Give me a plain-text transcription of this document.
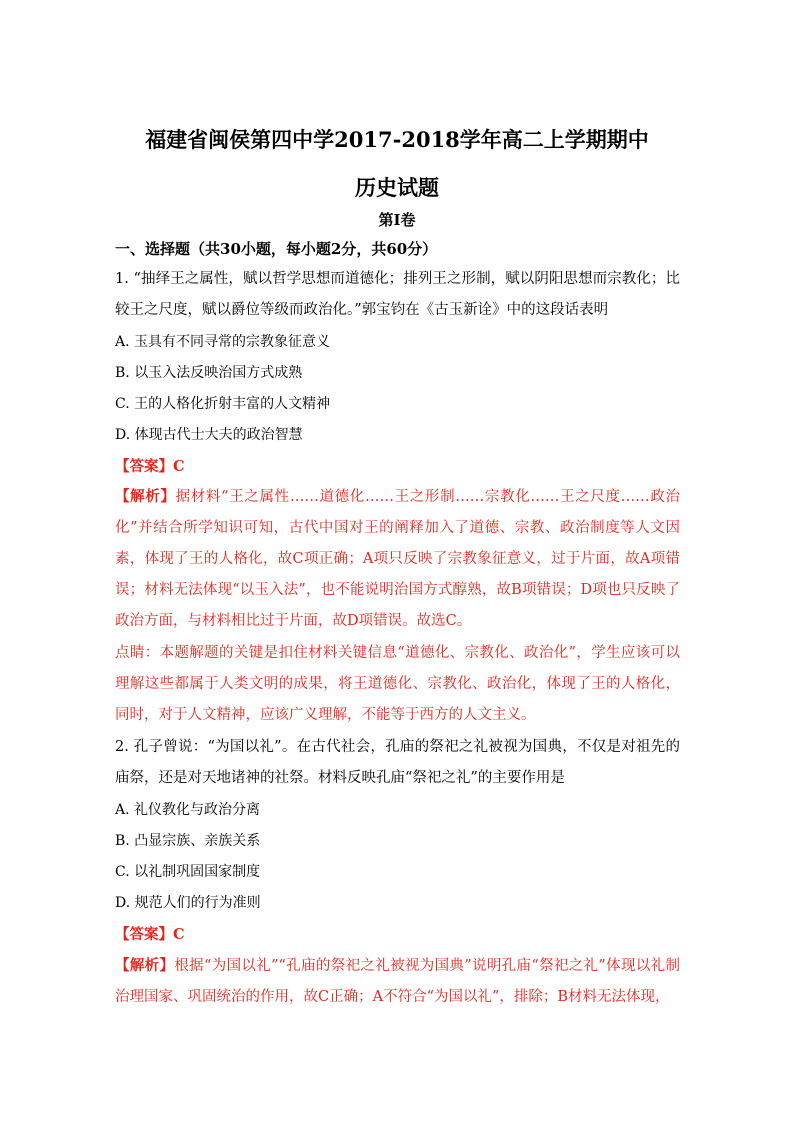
福建省闽侯第四中学2017-2018学年高二上学期期中
历史试题
第I卷
一、选择题（共30小题，每小题2分，共60分）

1. “抽绎王之属性，赋以哲学思想而道德化；排列王之形制，赋以阴阳思想而宗教化；比较王之尺度，赋以爵位等级而政治化。”郭宝钧在《古玉新诠》中的这段话表明

A. 玉具有不同寻常的宗教象征意义
B. 以玉入法反映治国方式成熟
C. 王的人格化折射丰富的人文精神
D. 体现古代士大夫的政治智慧
【答案】C

【解析】据材料“王之属性……道德化……王之形制……宗教化……王之尺度……政治化”并结合所学知识可知，古代中国对王的阐释加入了道德、宗教、政治制度等人文因素，体现了王的人格化，故C项正确；A项只反映了宗教象征意义，过于片面，故A项错误；材料无法体现“以玉入法”，也不能说明治国方式醇熟，故B项错误；D项也只反映了政治方面，与材料相比过于片面，故D项错误。故选C。

点睛：本题解题的关键是扣住材料关键信息“道德化、宗教化、政治化”，学生应该可以理解这些都属于人类文明的成果，将王道德化、宗教化、政治化，体现了王的人格化，同时，对于人文精神，应该广义理解，不能等于西方的人文主义。

2. 孔子曾说：“为国以礼”。在古代社会，孔庙的祭祀之礼被视为国典，不仅是对祖先的庙祭，还是对天地诸神的社祭。材料反映孔庙“祭祀之礼”的主要作用是

A. 礼仪教化与政治分离
B. 凸显宗族、亲族关系
C. 以礼制巩固国家制度
D. 规范人们的行为准则
【答案】C

【解析】根据“为国以礼”“孔庙的祭祀之礼被视为国典”说明孔庙“祭祀之礼”体现以礼制治理国家、巩固统治的作用，故C正确；A不符合“为国以礼”，排除；B材料无法体现，
